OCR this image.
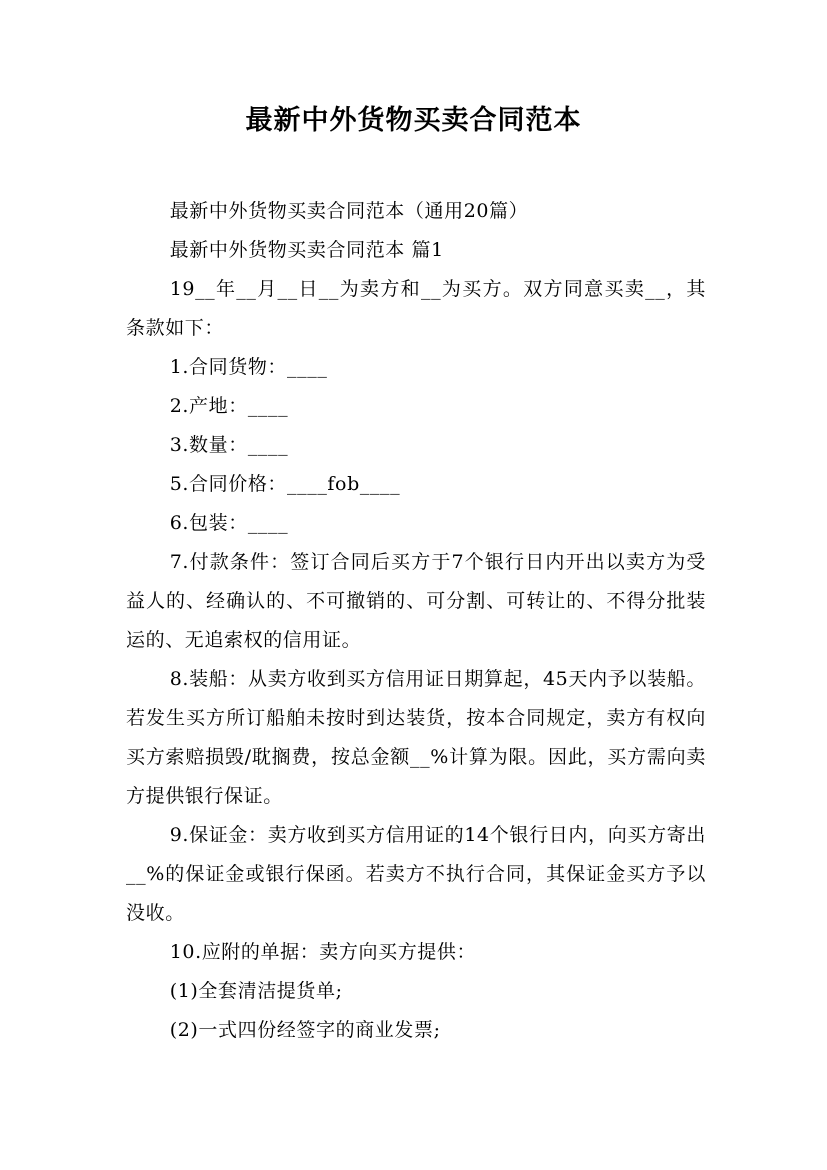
最新中外货物买卖合同范本

最新中外货物买卖合同范本（通用20篇）

最新中外货物买卖合同范本 篇1

19__年__月__日__为卖方和__为买方。双方同意买卖__，其条款如下：

1.合同货物：____

2.产地：____

3.数量：____

5.合同价格：____fob____

6.包装：____

7.付款条件：签订合同后买方于7个银行日内开出以卖方为受益人的、经确认的、不可撤销的、可分割、可转让的、不得分批装运的、无追索权的信用证。

8.装船：从卖方收到买方信用证日期算起，45天内予以装船。若发生买方所订船舶未按时到达装货，按本合同规定，卖方有权向买方索赔损毁/耽搁费，按总金额__%计算为限。因此，买方需向卖方提供银行保证。

9.保证金：卖方收到买方信用证的14个银行日内，向买方寄出__%的保证金或银行保函。若卖方不执行合同，其保证金买方予以没收。

10.应附的单据：卖方向买方提供：

(1)全套清洁提货单;

(2)一式四份经签字的商业发票;
